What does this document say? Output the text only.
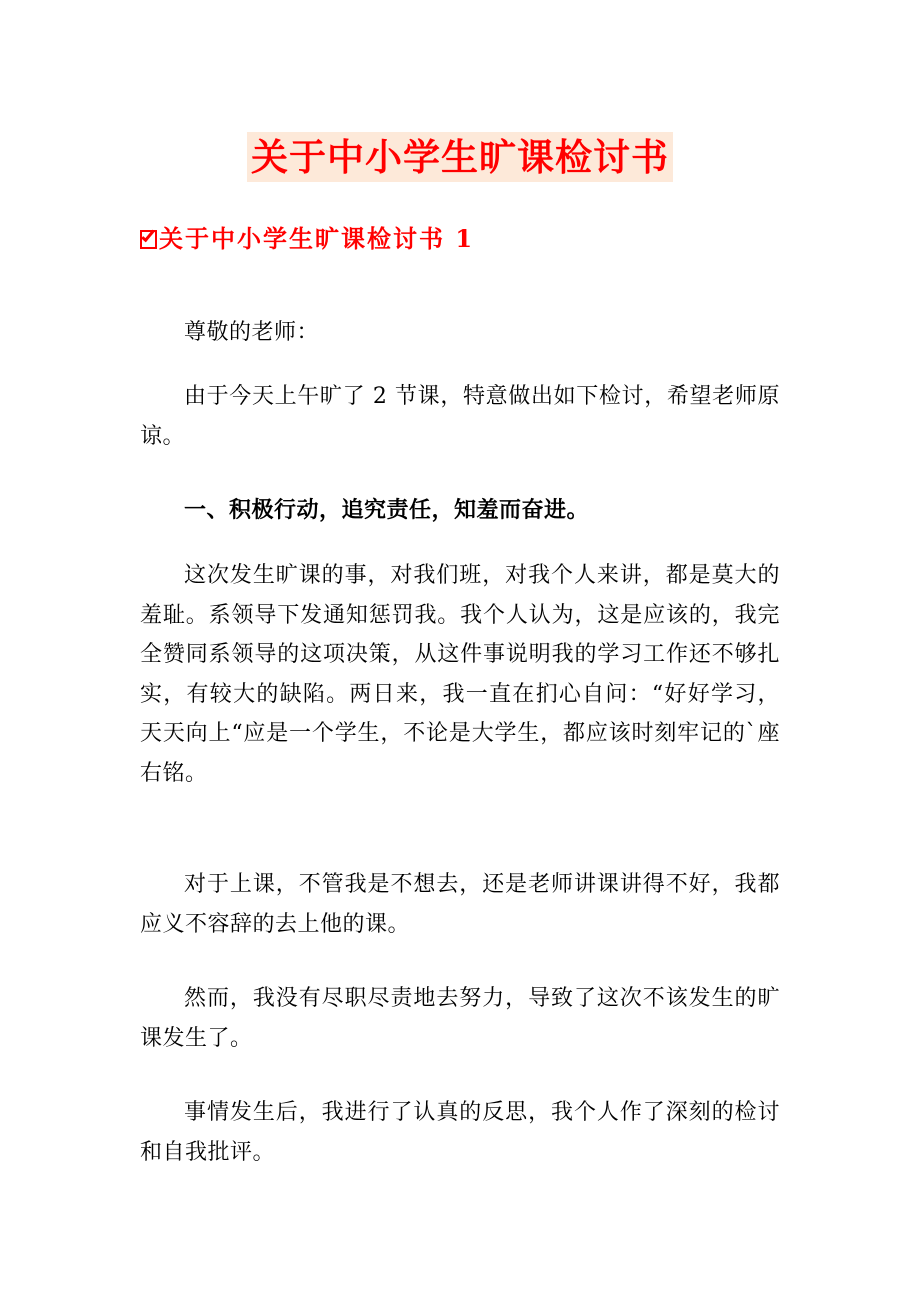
关于中小学生旷课检讨书
关于中小学生旷课检讨书 1

尊敬的老师：

由于今天上午旷了 2 节课，特意做出如下检讨，希望老师原谅。

一、积极行动，追究责任，知羞而奋进。

这次发生旷课的事，对我们班，对我个人来讲，都是莫大的羞耻。系领导下发通知惩罚我。我个人认为，这是应该的，我完全赞同系领导的这项决策，从这件事说明我的学习工作还不够扎实，有较大的缺陷。两日来，我一直在扪心自问：“好好学习，天天向上“应是一个学生，不论是大学生，都应该时刻牢记的`座右铭。

对于上课，不管我是不想去，还是老师讲课讲得不好，我都应义不容辞的去上他的课。

然而，我没有尽职尽责地去努力，导致了这次不该发生的旷课发生了。

事情发生后，我进行了认真的反思，我个人作了深刻的检讨和自我批评。
